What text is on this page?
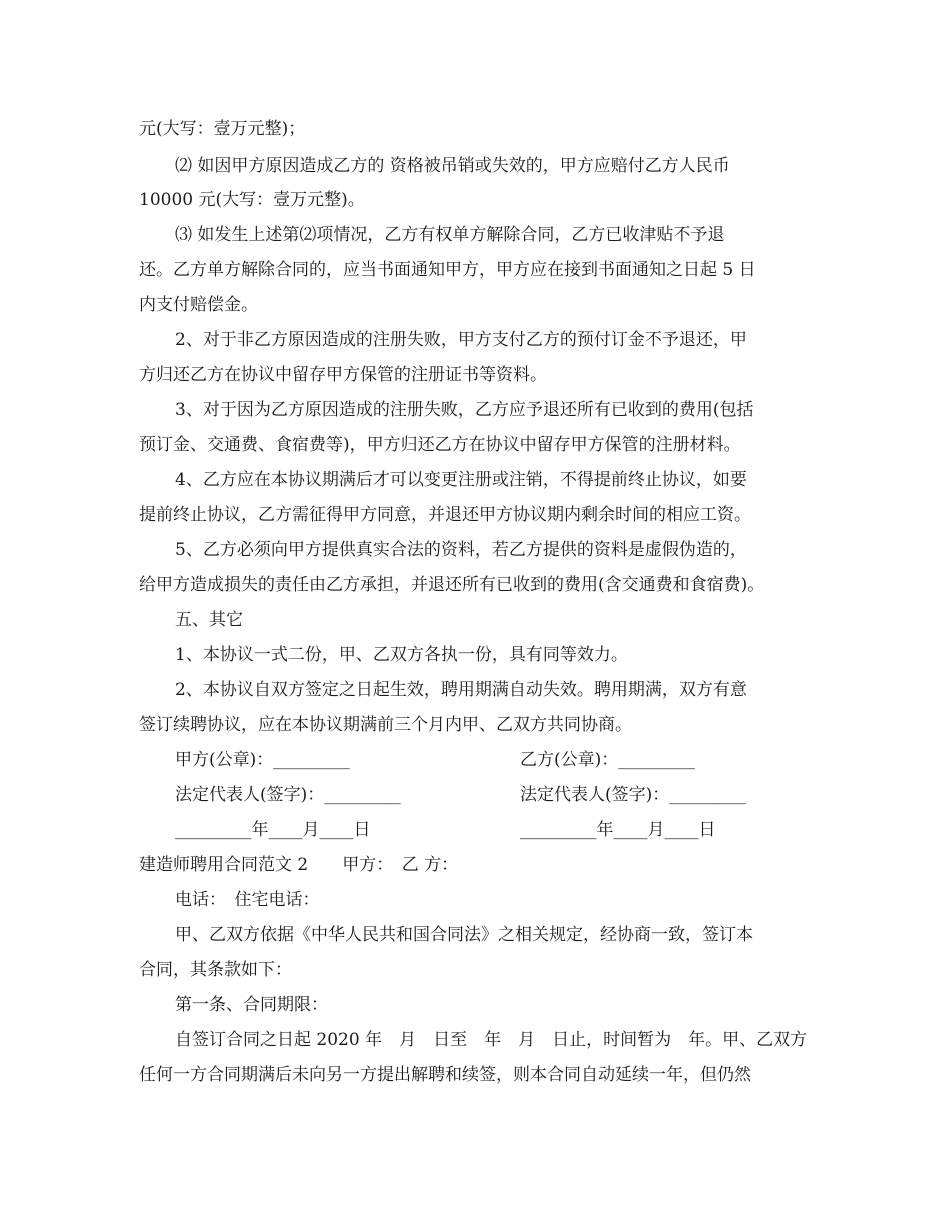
元(大写：壹万元整)；
⑵ 如因甲方原因造成乙方的 资格被吊销或失效的，甲方应赔付乙方人民币
10000 元(大写：壹万元整)。
⑶ 如发生上述第⑵项情况，乙方有权单方解除合同，乙方已收津贴不予退
还。乙方单方解除合同的，应当书面通知甲方，甲方应在接到书面通知之日起 5 日
内支付赔偿金。
2、对于非乙方原因造成的注册失败，甲方支付乙方的预付订金不予退还，甲
方归还乙方在协议中留存甲方保管的注册证书等资料。
3、对于因为乙方原因造成的注册失败，乙方应予退还所有已收到的费用(包括
预订金、交通费、食宿费等)，甲方归还乙方在协议中留存甲方保管的注册材料。
4、乙方应在本协议期满后才可以变更注册或注销，不得提前终止协议，如要
提前终止协议，乙方需征得甲方同意，并退还甲方协议期内剩余时间的相应工资。
5、乙方必须向甲方提供真实合法的资料，若乙方提供的资料是虚假伪造的，
给甲方造成损失的责任由乙方承担，并退还所有已收到的费用(含交通费和食宿费)。
五、其它
1、本协议一式二份，甲、乙双方各执一份，具有同等效力。
2、本协议自双方签定之日起生效，聘用期满自动失效。聘用期满，双方有意
签订续聘协议，应在本协议期满前三个月内甲、乙双方共同协商。
甲方(公章)：_________	乙方(公章)：_________
法定代表人(签字)：_________	法定代表人(签字)：_________
_________年____月____日	_________年____月____日
建造师聘用合同范文 2　　甲方：　乙 方：
电话：　住宅电话：
甲、乙双方依据《中华人民共和国合同法》之相关规定，经协商一致，签订本
合同，其条款如下：
第一条、合同期限：
自签订合同之日起 2020 年　月　日至　年　月　日止，时间暂为　年。甲、乙双方
任何一方合同期满后未向另一方提出解聘和续签，则本合同自动延续一年，但仍然
